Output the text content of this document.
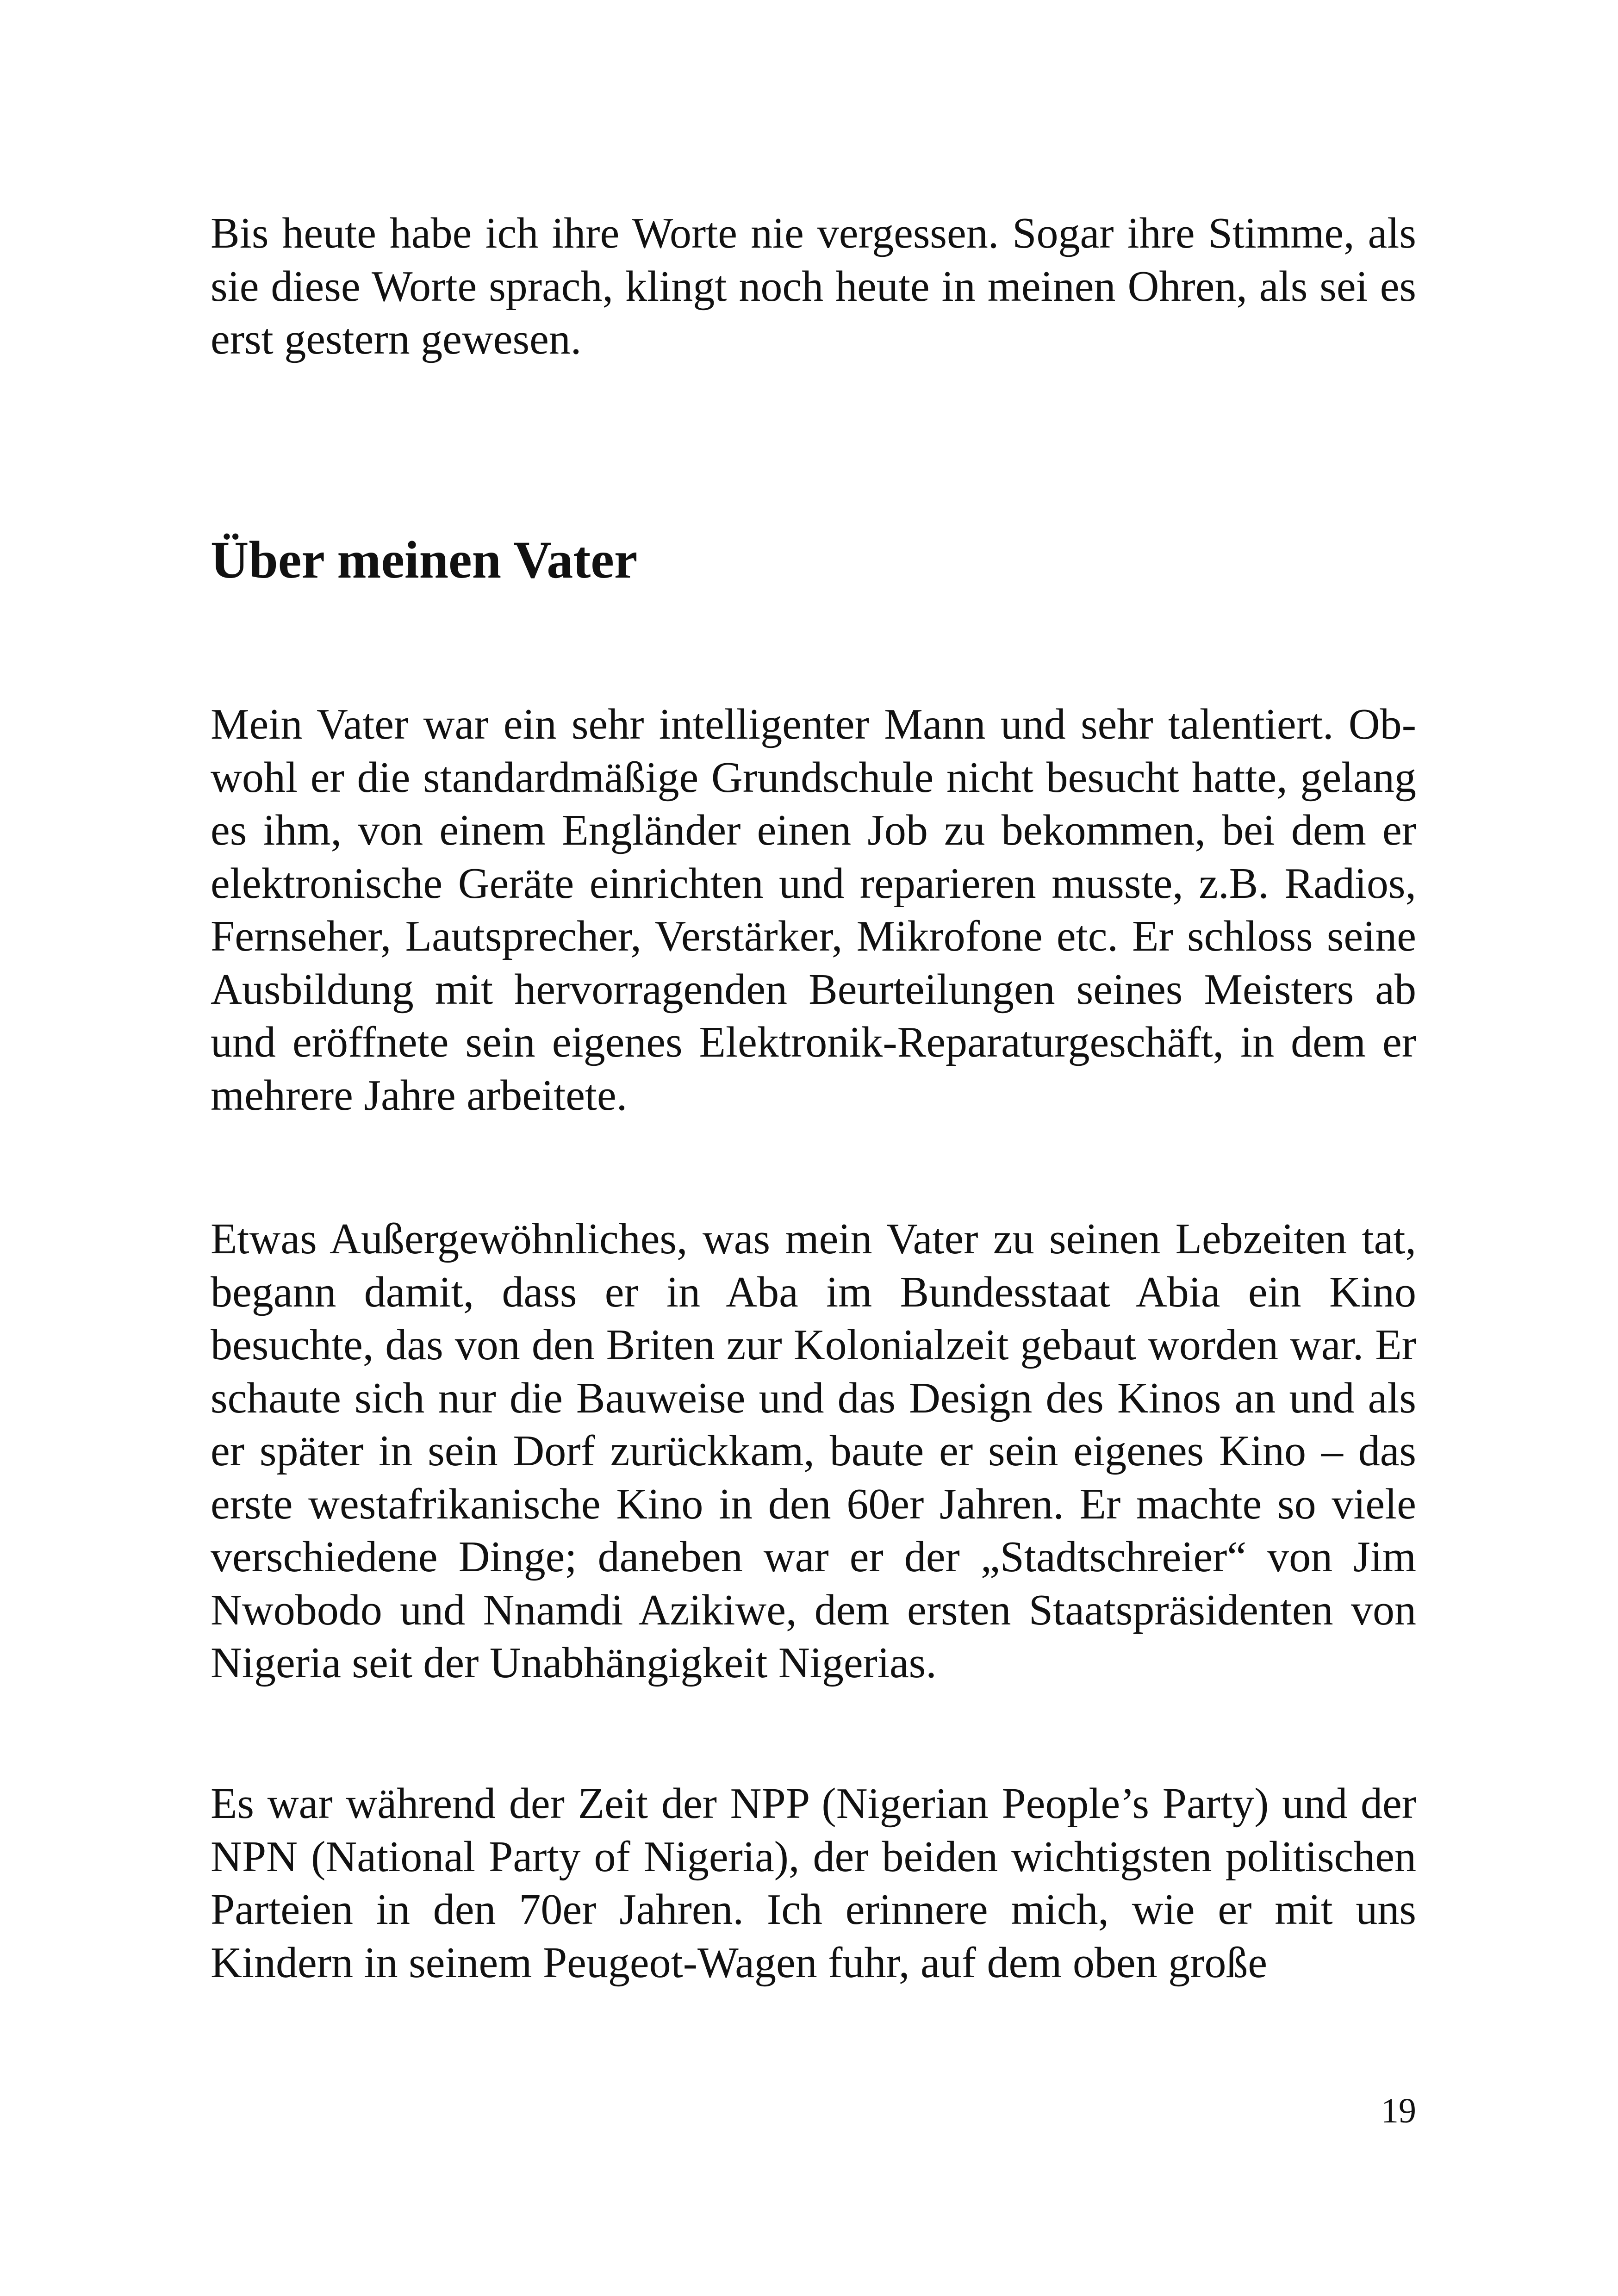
Bis heute habe ich ihre Worte nie vergessen. Sogar ihre Stimme, als sie diese Worte sprach, klingt noch heute in meinen Ohren, als sei es erst gestern gewesen.

Über meinen Vater

Mein Vater war ein sehr intelligenter Mann und sehr talentiert. Obwohl er die standardmäßige Grundschule nicht besucht hatte, gelang es ihm, von einem Engländer einen Job zu bekommen, bei dem er elektronische Geräte einrichten und reparieren musste, z.B. Radios, Fernseher, Lautsprecher, Verstärker, Mikrofone etc. Er schloss seine Ausbildung mit hervorragenden Beurteilungen seines Meisters ab und eröffnete sein eigenes Elektronik-Reparaturgeschäft, in dem er mehrere Jahre arbeitete.

Etwas Außergewöhnliches, was mein Vater zu seinen Lebzeiten tat, begann damit, dass er in Aba im Bundesstaat Abia ein Kino besuchte, das von den Briten zur Kolonialzeit gebaut worden war. Er schaute sich nur die Bauweise und das Design des Kinos an und als er später in sein Dorf zurückkam, baute er sein eigenes Kino – das erste westafrikanische Kino in den 60er Jahren. Er machte so viele verschiedene Dinge; daneben war er der „Stadtschreier“ von Jim Nwobodo und Nnamdi Azikiwe, dem ersten Staatspräsidenten von Nigeria seit der Unabhängigkeit Nigerias.

Es war während der Zeit der NPP (Nigerian People’s Party) und der NPN (National Party of Nigeria), der beiden wichtigsten politischen Parteien in den 70er Jahren. Ich erinnere mich, wie er mit uns Kindern in seinem Peugeot-Wagen fuhr, auf dem oben große

19
